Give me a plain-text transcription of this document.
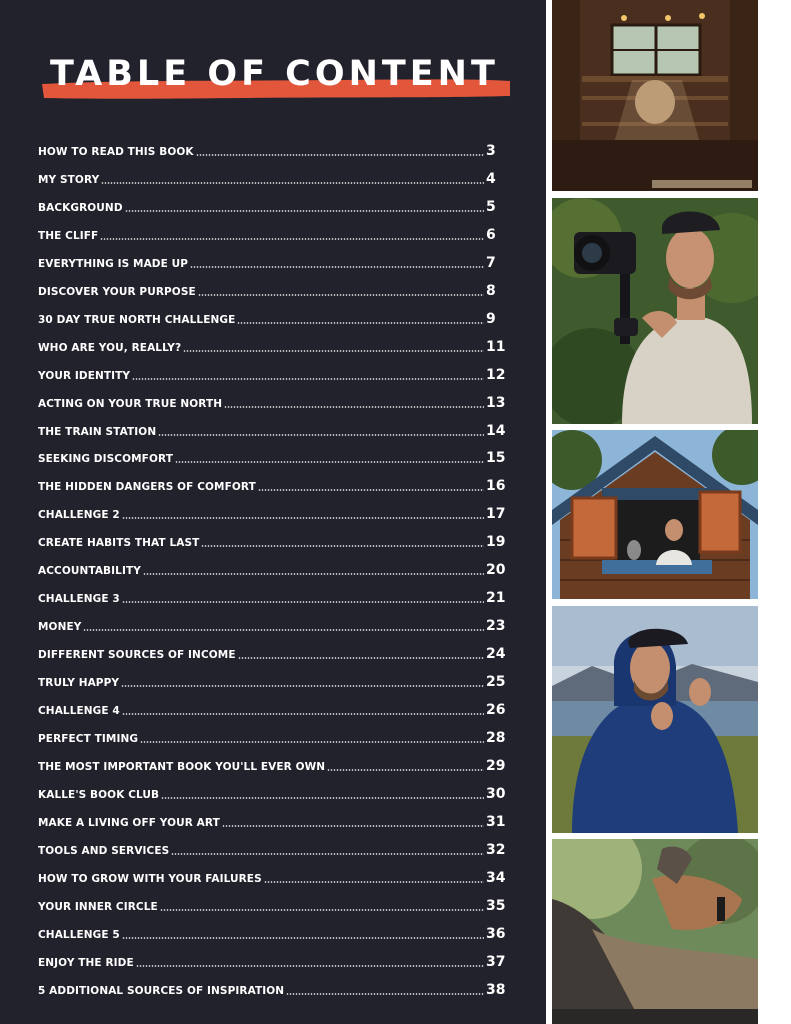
TABLE OF CONTENT
HOW TO READ THIS BOOK	3
MY STORY	4
BACKGROUND	5
THE CLIFF	6
EVERYTHING IS MADE UP	7
DISCOVER YOUR PURPOSE	8
30 DAY TRUE NORTH CHALLENGE	9
WHO ARE YOU, REALLY?	11
YOUR IDENTITY	12
ACTING ON YOUR TRUE NORTH	13
THE TRAIN STATION	14
SEEKING DISCOMFORT	15
THE HIDDEN DANGERS OF COMFORT	16
CHALLENGE 2	17
CREATE HABITS THAT LAST	19
ACCOUNTABILITY	20
CHALLENGE 3	21
MONEY	23
DIFFERENT SOURCES OF INCOME	24
TRULY HAPPY	25
CHALLENGE 4	26
PERFECT TIMING	28
THE MOST IMPORTANT BOOK YOU'LL EVER OWN	29
KALLE'S BOOK CLUB	30
MAKE A LIVING OFF YOUR ART	31
TOOLS AND SERVICES	32
HOW TO GROW WITH YOUR FAILURES	34
YOUR INNER CIRCLE	35
CHALLENGE 5	36
ENJOY THE RIDE	37
5 ADDITIONAL SOURCES OF INSPIRATION	38
